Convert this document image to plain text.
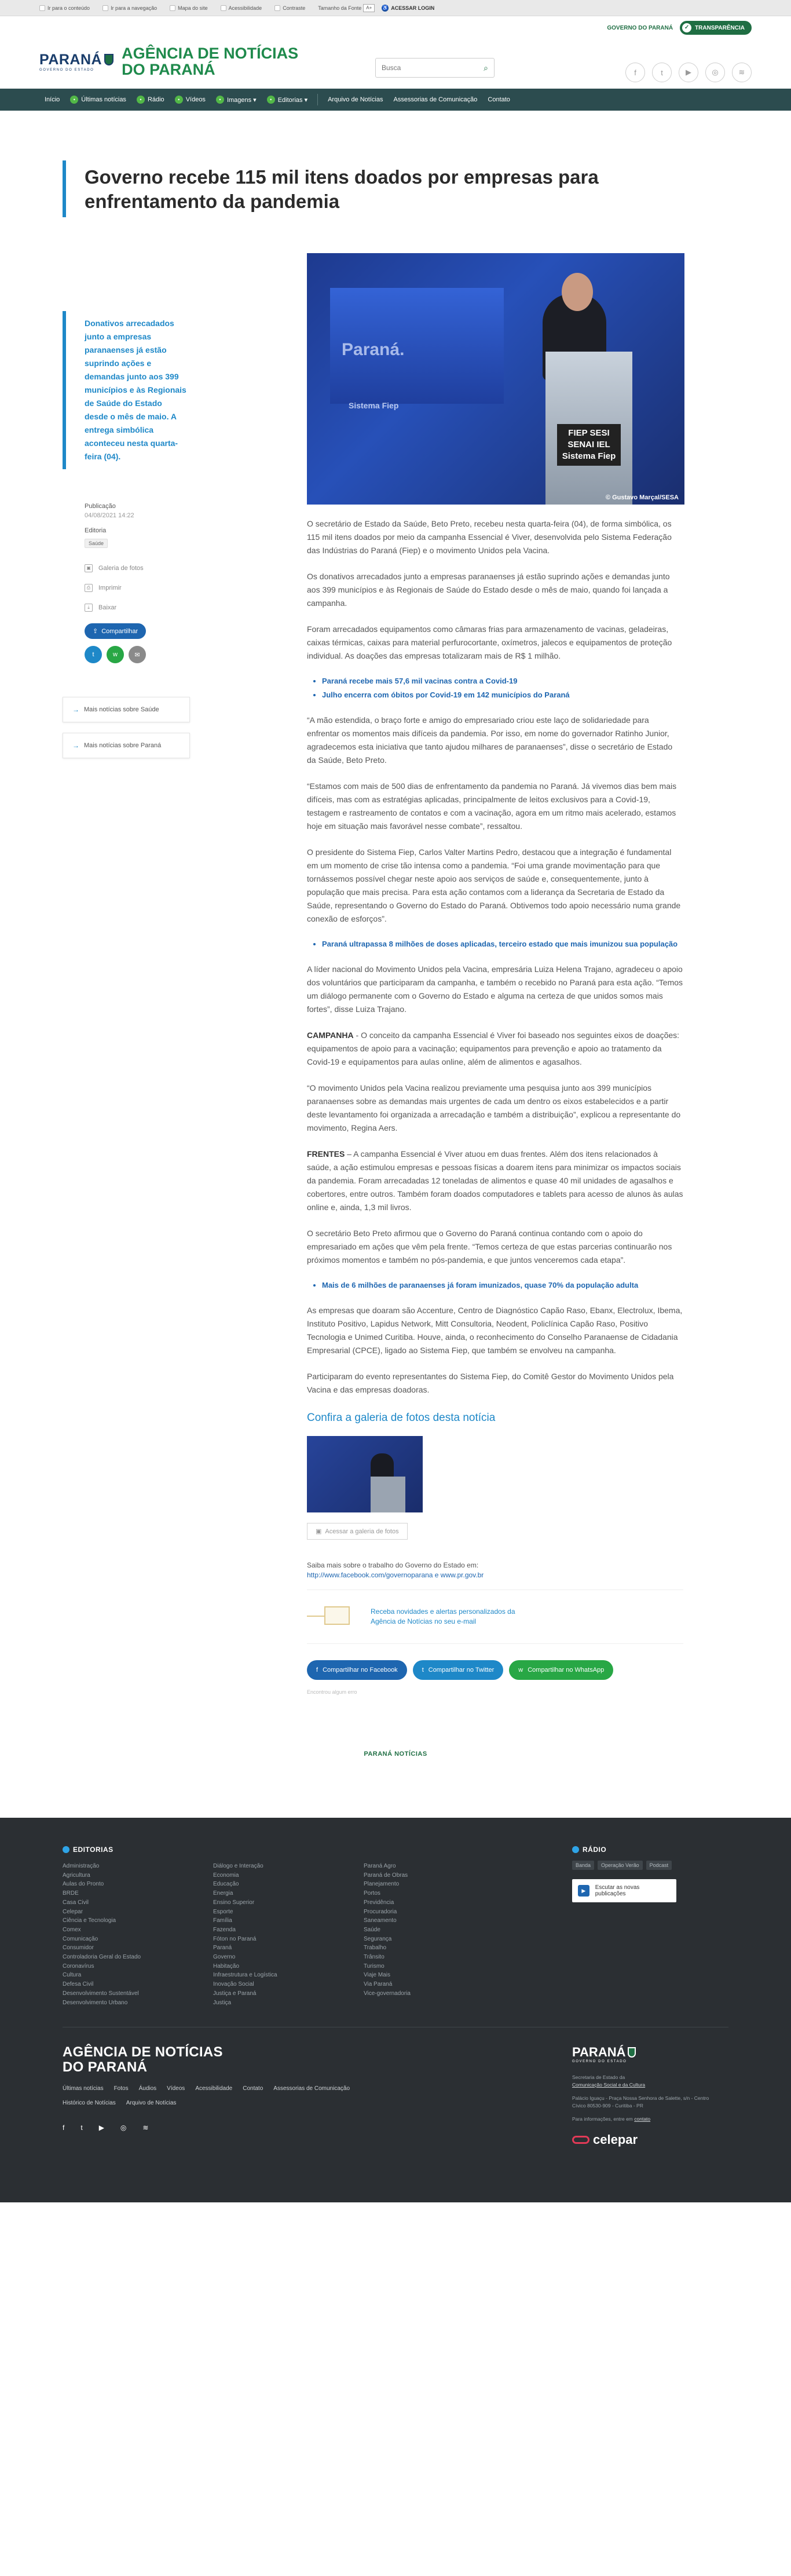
Ir para o conteúdo	Ir para a navegação	Mapa do site	Acessibilidade	Contraste Tamanho da Fonte A+	♿ ACESSAR LOGIN
GOVERNO DO PARANÁ	✓ TRANSPARÊNCIA
PARANÁ
GOVERNO DO ESTADO
AGÊNCIA DE NOTÍCIAS
DO PARANÁ
Busca	⌕
f	t	▶	◎	≋
Início	• Últimas notícias	• Rádio	• Vídeos	• Imagens ▾	• Editorias ▾	Arquivo de Notícias	Assessorias de Comunicação	Contato
Governo recebe 115 mil itens doados por empresas para enfrentamento da pandemia
Donativos arrecadados junto a empresas paranaenses já estão suprindo ações e demandas junto aos 399 municípios e às Regionais de Saúde do Estado desde o mês de maio. A entrega simbólica aconteceu nesta quarta-feira (04).
Publicação
04/08/2021 14:22
Editoria
Saúde
▣ Galeria de fotos
⎙	Imprimir
⤓	Baixar
⇪ Compartilhar
t	w	✉
→ Mais notícias sobre Saúde
→ Mais notícias sobre Paraná
Paraná.
Sistema Fiep
FIEP SESI SENAI IEL Sistema Fiep
© Gustavo Marçal/SESA

O secretário de Estado da Saúde, Beto Preto, recebeu nesta quarta-feira (04), de forma simbólica, os 115 mil itens doados por meio da campanha Essencial é Viver, desenvolvida pelo Sistema Federação das Indústrias do Paraná (Fiep) e o movimento Unidos pela Vacina.

Os donativos arrecadados junto a empresas paranaenses já estão suprindo ações e demandas junto aos 399 municípios e às Regionais de Saúde do Estado desde o mês de maio, quando foi lançada a campanha.

Foram arrecadados equipamentos como câmaras frias para armazenamento de vacinas, geladeiras, caixas térmicas, caixas para material perfurocortante, oxímetros, jalecos e equipamentos de proteção individual. As doações das empresas totalizaram mais de R$ 1 milhão.

• Paraná recebe mais 57,6 mil vacinas contra a Covid-19
• Julho encerra com óbitos por Covid-19 em 142 municípios do Paraná

“A mão estendida, o braço forte e amigo do empresariado criou este laço de solidariedade para enfrentar os momentos mais difíceis da pandemia. Por isso, em nome do governador Ratinho Junior, agradecemos esta iniciativa que tanto ajudou milhares de paranaenses”, disse o secretário de Estado da Saúde, Beto Preto.

“Estamos com mais de 500 dias de enfrentamento da pandemia no Paraná. Já vivemos dias bem mais difíceis, mas com as estratégias aplicadas, principalmente de leitos exclusivos para a Covid-19, testagem e rastreamento de contatos e com a vacinação, agora em um ritmo mais acelerado, estamos hoje em situação mais favorável nesse combate”, ressaltou.

O presidente do Sistema Fiep, Carlos Valter Martins Pedro, destacou que a integração é fundamental em um momento de crise tão intensa como a pandemia. “Foi uma grande movimentação para que tornássemos possível chegar neste apoio aos serviços de saúde e, consequentemente, junto à população que mais precisa. Para esta ação contamos com a liderança da Secretaria de Estado da Saúde, representando o Governo do Estado do Paraná. Obtivemos todo apoio necessário numa grande conexão de esforços”.

• Paraná ultrapassa 8 milhões de doses aplicadas, terceiro estado que mais imunizou sua população

A líder nacional do Movimento Unidos pela Vacina, empresária Luiza Helena Trajano, agradeceu o apoio dos voluntários que participaram da campanha, e também o recebido no Paraná para esta ação. “Temos um diálogo permanente com o Governo do Estado e alguma na certeza de que unidos somos mais fortes”, disse Luiza Trajano.

CAMPANHA - O conceito da campanha Essencial é Viver foi baseado nos seguintes eixos de doações: equipamentos de apoio para a vacinação; equipamentos para prevenção e apoio ao tratamento da Covid-19 e equipamentos para aulas online, além de alimentos e agasalhos.

“O movimento Unidos pela Vacina realizou previamente uma pesquisa junto aos 399 municípios paranaenses sobre as demandas mais urgentes de cada um dentro os eixos estabelecidos e a partir deste levantamento foi organizada a arrecadação e também a distribuição”, explicou a representante do movimento, Regina Aers.

FRENTES – A campanha Essencial é Viver atuou em duas frentes. Além dos itens relacionados à saúde, a ação estimulou empresas e pessoas físicas a doarem itens para minimizar os impactos sociais da pandemia. Foram arrecadadas 12 toneladas de alimentos e quase 40 mil unidades de agasalhos e cobertores, entre outros. Também foram doados computadores e tablets para acesso de alunos às aulas online e, ainda, 1,3 mil livros.

O secretário Beto Preto afirmou que o Governo do Paraná continua contando com o apoio do empresariado em ações que vêm pela frente. “Temos certeza de que estas parcerias continuarão nos próximos momentos e também no pós-pandemia, e que juntos venceremos cada etapa”.

• Mais de 6 milhões de paranaenses já foram imunizados, quase 70% da população adulta

As empresas que doaram são Accenture, Centro de Diagnóstico Capão Raso, Ebanx, Electrolux, Ibema, Instituto Positivo, Lapidus Network, Mitt Consultoria, Neodent, Policlínica Capão Raso, Positivo Tecnologia e Unimed Curitiba. Houve, ainda, o reconhecimento do Conselho Paranaense de Cidadania Empresarial (CPCE), ligado ao Sistema Fiep, que também se envolveu na campanha.

Participaram do evento representantes do Sistema Fiep, do Comitê Gestor do Movimento Unidos pela Vacina e das empresas doadoras.

Confira a galeria de fotos desta notícia
▣ Acessar a galeria de fotos
Saiba mais sobre o trabalho do Governo do Estado em:
http://www.facebook.com/governoparana e www.pr.gov.br
Receba novidades e alertas personalizados da Agência de Notícias no seu e-mail
f Compartilhar no Facebook	t Compartilhar no Twitter	w Compartilhar no WhatsApp
Encontrou algum erro
PARANÁ NOTÍCIAS
EDITORIAS
Administração
Agricultura
Aulas do Pronto
BRDE
Casa Civil
Celepar
Ciência e Tecnologia
Comex
Comunicação
Consumidor
Controladoria Geral do Estado
Coronavírus
Cultura
Defesa Civil
Desenvolvimento Sustentável
Desenvolvimento Urbano
Diálogo e Interação
Economia
Educação
Energia
Ensino Superior
Esporte
Família
Fazenda
Fóton no Paraná
Paraná
Governo
Habitação
Infraestrutura e Logística
Inovação Social
Justiça e Paraná
Justiça
Paraná Agro
Paraná de Obras
Planejamento
Portos
Previdência
Procuradoria
Saneamento
Saúde
Segurança
Trabalho
Trânsito
Turismo
Viaje Mais
Via Paraná
Vice-governadoria
RÁDIO
Banda	Operação Verão	Podcast
▶	Escutar as novas publicações
AGÊNCIA DE NOTÍCIAS
DO PARANÁ
Últimas notícias Fotos Áudios Vídeos Acessibilidade Contato Assessorias de Comunicação
Histórico de Notícias Arquivo de Notícias
f t ▶ ◎ ≋
PARANÁ
GOVERNO DO ESTADO
Secretaria de Estado da
Comunicação Social e da Cultura
Palácio Iguaçu - Praça Nossa Senhora de Salette, s/n - Centro Cívico 80530-909 - Curitiba - PR
Para informações, entre em contato
celepar
